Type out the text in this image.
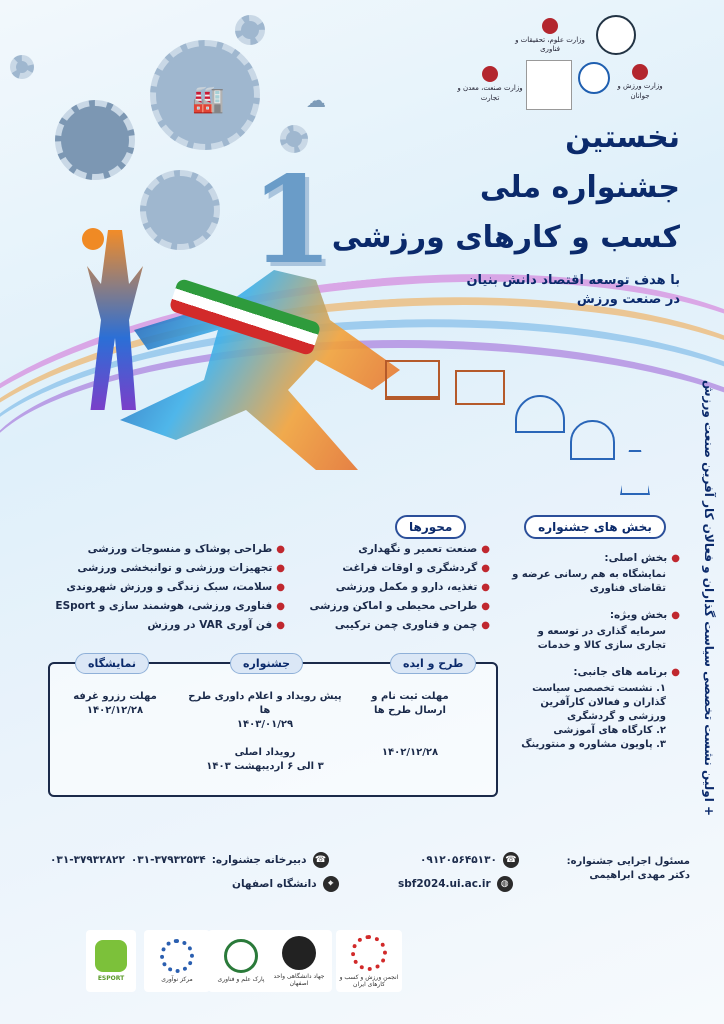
🏭	☁
وزارت علوم، تحقیقات و فناوری
وزارت ورزش و جوانان
وزارت صنعت، معدن و تجارت
1
نخستین
جشنواره ملی
کسب و کارهای ورزشی
با هدف توسعه اقتصاد دانش بنیان
در صنعت ورزش
+ اولین نشست تخصصی سیاست گذاران و فعالان کار آفرین صنعت ورزش
بخش های جشنواره
●
بخش اصلی:
نمایشگاه به هم رسانی عرضه و تقاضای فناوری
●
بخش ویژه:
سرمایه گذاری در توسعه و تجاری سازی کالا و خدمات
●
برنامه های جانبی:
۱. نشست تخصصی سیاست گذاران و فعالان کارآفرین ورزشی و گردشگری
۲. کارگاه های آموزشی
۳. پاویون مشاوره و منتورینگ
محورها
●
صنعت تعمیر و نگهداری
●
گردشگری و اوقات فراغت
●
تغذیه، دارو و مکمل ورزشی
●
طراحی محیطی و اماکن ورزشی
●
چمن و فناوری چمن ترکیبی
●
طراحی پوشاک و منسوجات ورزشی
●
تجهیزات ورزشی و توانبخشی ورزشی
●
سلامت، سبک زندگی و ورزش شهروندی
●
فناوری ورزشی، هوشمند سازی و ESport
●
فن آوری VAR در ورزش
طرح و ایده
جشنواره
نمایشگاه
مهلت ثبت نام و ارسال طرح ها
۱۴۰۲/۱۲/۲۸
پیش رویداد و اعلام داوری طرح ها
۱۴۰۳/۰۱/۲۹
رویداد اصلی
۳ الی ۶ اردیبهشت ۱۴۰۳
مهلت رزرو غرفه
۱۴۰۲/۱۲/۲۸
مسئول اجرایی جشنواره:
دکتر مهدی ابراهیمی
۰۹۱۲۰۵۶۴۵۱۳۰ ☎
sbf2024.ui.ac.ir	◍
☎
دبیرخانه جشنواره:
۰۳۱-۳۷۹۳۲۵۳۴
۰۳۱-۳۷۹۳۲۸۲۲
⌖
دانشگاه اصفهان
انجمن ورزش و کسب و کارهای ایران
جهاد دانشگاهی واحد اصفهان
پارک علم و فناوری
مرکز نوآوری
ESPORT
